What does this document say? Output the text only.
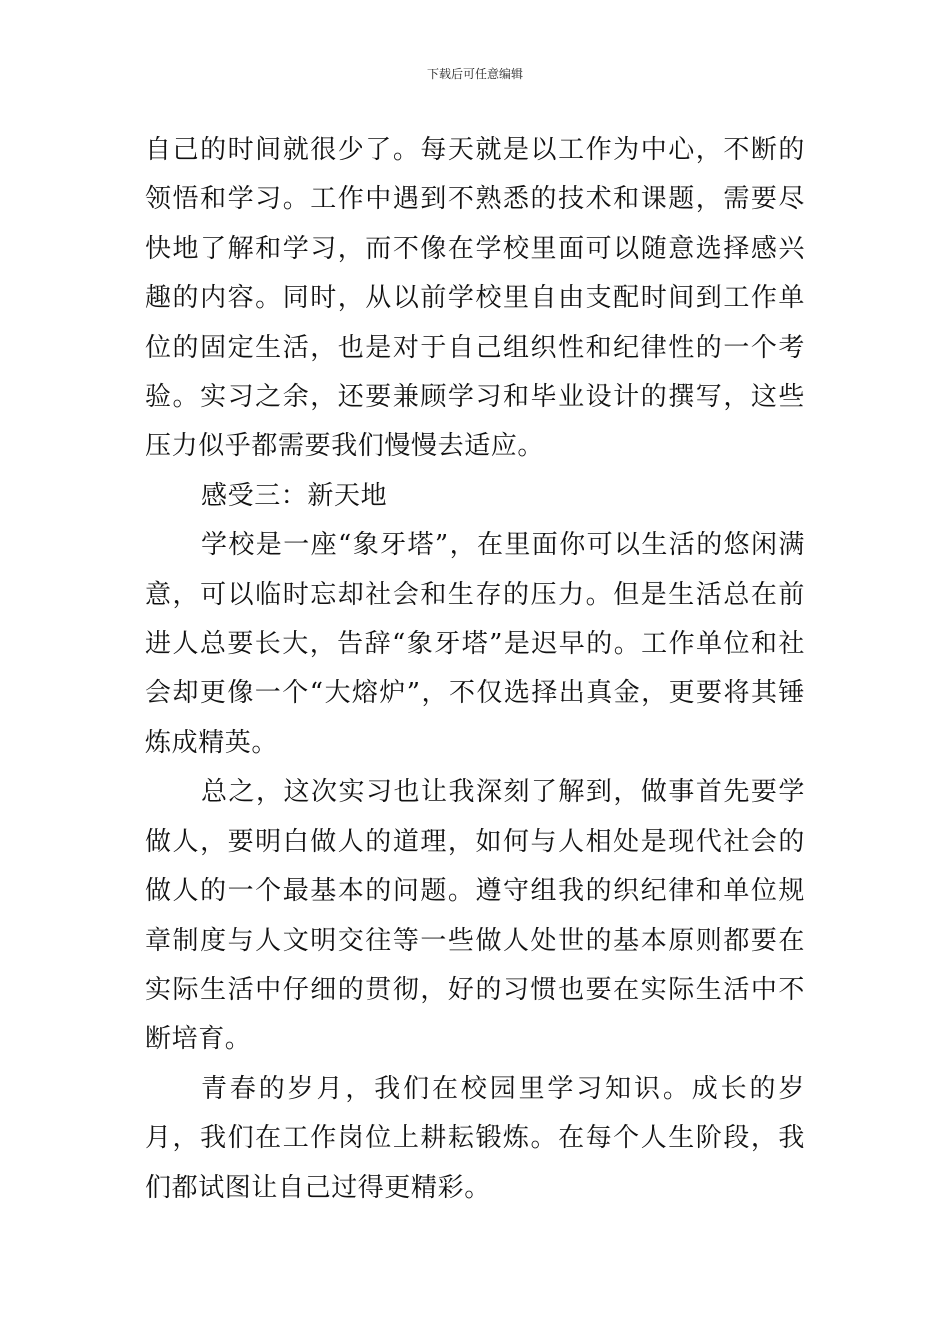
下载后可任意编辑

自己的时间就很少了。每天就是以工作为中心，不断的领悟和学习。工作中遇到不熟悉的技术和课题，需要尽快地了解和学习，而不像在学校里面可以随意选择感兴趣的内容。同时，从以前学校里自由支配时间到工作单位的固定生活，也是对于自己组织性和纪律性的一个考验。实习之余，还要兼顾学习和毕业设计的撰写，这些压力似乎都需要我们慢慢去适应。

感受三：新天地

学校是一座“象牙塔”，在里面你可以生活的悠闲满意，可以临时忘却社会和生存的压力。但是生活总在前进人总要长大，告辞“象牙塔”是迟早的。工作单位和社会却更像一个“大熔炉”，不仅选择出真金，更要将其锤炼成精英。

总之，这次实习也让我深刻了解到，做事首先要学做人，要明白做人的道理，如何与人相处是现代社会的做人的一个最基本的问题。遵守组我的织纪律和单位规章制度与人文明交往等一些做人处世的基本原则都要在实际生活中仔细的贯彻，好的习惯也要在实际生活中不断培育。

青春的岁月，我们在校园里学习知识。成长的岁月，我们在工作岗位上耕耘锻炼。在每个人生阶段，我们都试图让自己过得更精彩。
